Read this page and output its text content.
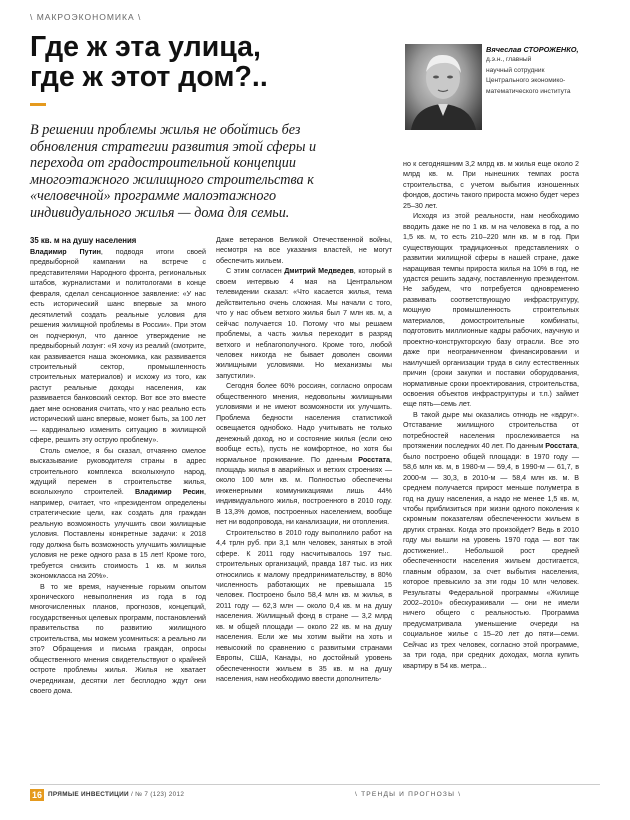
\ МАКРОЭКОНОМИКА \
Где ж эта улица,
где ж этот дом?..
Вячеслав СТОРОЖЕНКО,
д.э.н., главный
научный сотрудник
Центрального экономико-
математического института

В решении проблемы жилья не обойтись без обновления стратегии развития этой сферы и перехода от градостроительной концепции многоэтажного жилищного строительства к «человечной» программе малоэтажного индивидуального жилья — дома для семьи.

35 кв. м на душу населения

Владимир Путин, подводя итоги своей предвыборной кампании на встрече с представителями Народного фронта, региональных штабов, журналистами и политологами в конце февраля, сделал сенсационное заявление: «У нас есть исторический шанс впервые за много десятилетий создать реальные условия для решения жилищной проблемы в России». При этом он подчеркнул, что данное утверждение не предвыборный лозунг: «Я хочу из реалий (смотрите, как развивается наша экономика, как развивается строительный сектор, промышленность строительных материалов) и исхожу из того, как растут реальные доходы населения, как развивается банковский сектор. Вот все это вместе дает мне основания считать, что у нас реально есть исторический шанс впервые, может быть, за 100 лет — кардинально изменить ситуацию в жилищной сфере, решить эту острую проблему».

Столь смелое, я бы сказал, отчаянно смелое высказывание руководителя страны в адрес строительного комплекса всколыхнуло народ, ждущий перемен в строительстве жилья, всколыхнуло строителей. Владимир Ресин, например, считает, что «президентом определены стратегические цели, как создать для граждан реальную возможность улучшить свои жилищные условия. Поставлены конкретные задачи: к 2018 году должна быть возможность улучшить жилищные условия не реже одного раза в 15 лет! Кроме того, требуется снизить стоимость 1 кв. м жилья экономкласса на 20%».

В то же время, наученные горьким опытом хронического невыполнения из года в год многочисленных планов, прогнозов, концепций, государственных целевых программ, постановлений правительства по развитию жилищного строительства, мы можем усомниться: а реально ли это? Обращения и письма граждан, опросы общественного мнения свидетельствуют о крайней остроте проблемы жилья. Жилья не хватает очередникам, десятки лет бесплодно ждут они своего дома.

Даже ветеранов Великой Отечественной войны, несмотря на все указания властей, не могут обеспечить жильем.

С этим согласен Дмитрий Медведев, который в своем интервью 4 мая на Центральном телевидении сказал: «Что касается жилья, тема действительно очень сложная. Мы начали с того, что у нас объем ветхого жилья был 7 млн кв. м, а сейчас получается 10. Потому что мы решаем проблемы, а часть жилья переходит в разряд ветхого и неблагополучного. Кроме того, любой человек никогда не бывает доволен своими жилищными условиями. Но механизмы мы запустили».

Сегодня более 60% россиян, согласно опросам общественного мнения, недовольны жилищными условиями и не имеют возможности их улучшить. Проблема бедности населения статистикой освещается однобоко. Надо учитывать не только денежный доход, но и состояние жилья (если оно вообще есть), пусть не комфортное, но хотя бы нормальное проживание. По данным Росстата, площадь жилья в аварийных и ветхих строениях — около 100 млн кв. м. Полностью обеспечены инженерными коммуникациями лишь 44% индивидуального жилья, построенного в 2010 году. В 13,3% домов, построенных населением, вообще нет ни водопровода, ни канализации, ни отопления.

Строительство в 2010 году выполнило работ на 4,4 трлн руб. при 3,1 млн человек, занятых в этой сфере. К 2011 году насчитывалось 197 тыс. строительных организаций, правда 187 тыс. из них относились к малому предпринимательству, в 80% численность работающих не превышала 15 человек. Построено было 58,4 млн кв. м жилья, в 2011 году — 62,3 млн — около 0,4 кв. м на душу населения. Жилищный фонд в стране — 3,2 млрд кв. м общей площади — около 22 кв. м на душу населения. Если же мы хотим выйти на хоть и невысокий по сравнению с развитыми странами Европы, США, Канады, но достойный уровень обеспеченности жильем в 35 кв. м на душу населения, нам необходимо ввести дополнитель-

но к сегодняшним 3,2 млрд кв. м жилья еще около 2 млрд кв. м. При нынешних темпах роста строительства, с учетом выбытия изношенных фондов, достичь такого прироста можно будет через 25–30 лет.

Исходя из этой реальности, нам необходимо вводить даже не по 1 кв. м на человека в год, а по 1,5 кв. м, то есть 210–220 млн кв. м в год. При существующих традиционных представлениях о развитии жилищной сферы в нашей стране, даже наращивая темпы прироста жилья на 10% в год, не удастся решить задачу, поставленную президентом. Не забудем, что потребуется одновременно развивать соответствующую инфраструктуру, мощную промышленность строительных материалов, домостроительные комбинаты, подготовить миллионные кадры рабочих, научную и проектно-конструкторскую базу отрасли. Все это даже при неограниченном финансировании и наилучшей организации труда в силу естественных причин (сроки закупки и поставки оборудования, нормативные сроки проектирования, строительства, освоения объектов инфраструктуры и т.п.) займет еще пять—семь лет.

В такой дыре мы оказались отнюдь не «вдруг». Отставание жилищного строительства от потребностей населения прослеживается на протяжении последних 40 лет. По данным Росстата, было построено общей площади: в 1970 году — 58,6 млн кв. м, в 1980-м — 59,4, в 1990-м — 61,7, в 2000-м — 30,3, в 2010-м — 58,4 млн кв. м. В среднем получается прирост меньше полуметра в год на душу населения, а надо не менее 1,5 кв. м, чтобы приблизиться при жизни одного поколения к скромным показателям обеспеченности жильем в других странах. Когда это произойдет? Ведь в 2010 году мы вышли на уровень 1970 года — вот так достижение!.. Небольшой рост средней обеспеченности населения жильем достигается, главным образом, за счет выбытия населения, которое превысило за эти годы 10 млн человек. Результаты Федеральной программы «Жилище 2002–2010» обескураживали — они не имели ничего общего с реальностью. Программа предусматривала уменьшение очереди на социальное жилье с 15–20 лет до пяти—семи. Сейчас из трех человек, согласно этой программе, за три года, при средних доходах, могла купить квартиру в 54 кв. метра...

16 ПРЯМЫЕ ИНВЕСТИЦИИ / № 7 (123) 2012	\ ТРЕНДЫ И ПРОГНОЗЫ \
